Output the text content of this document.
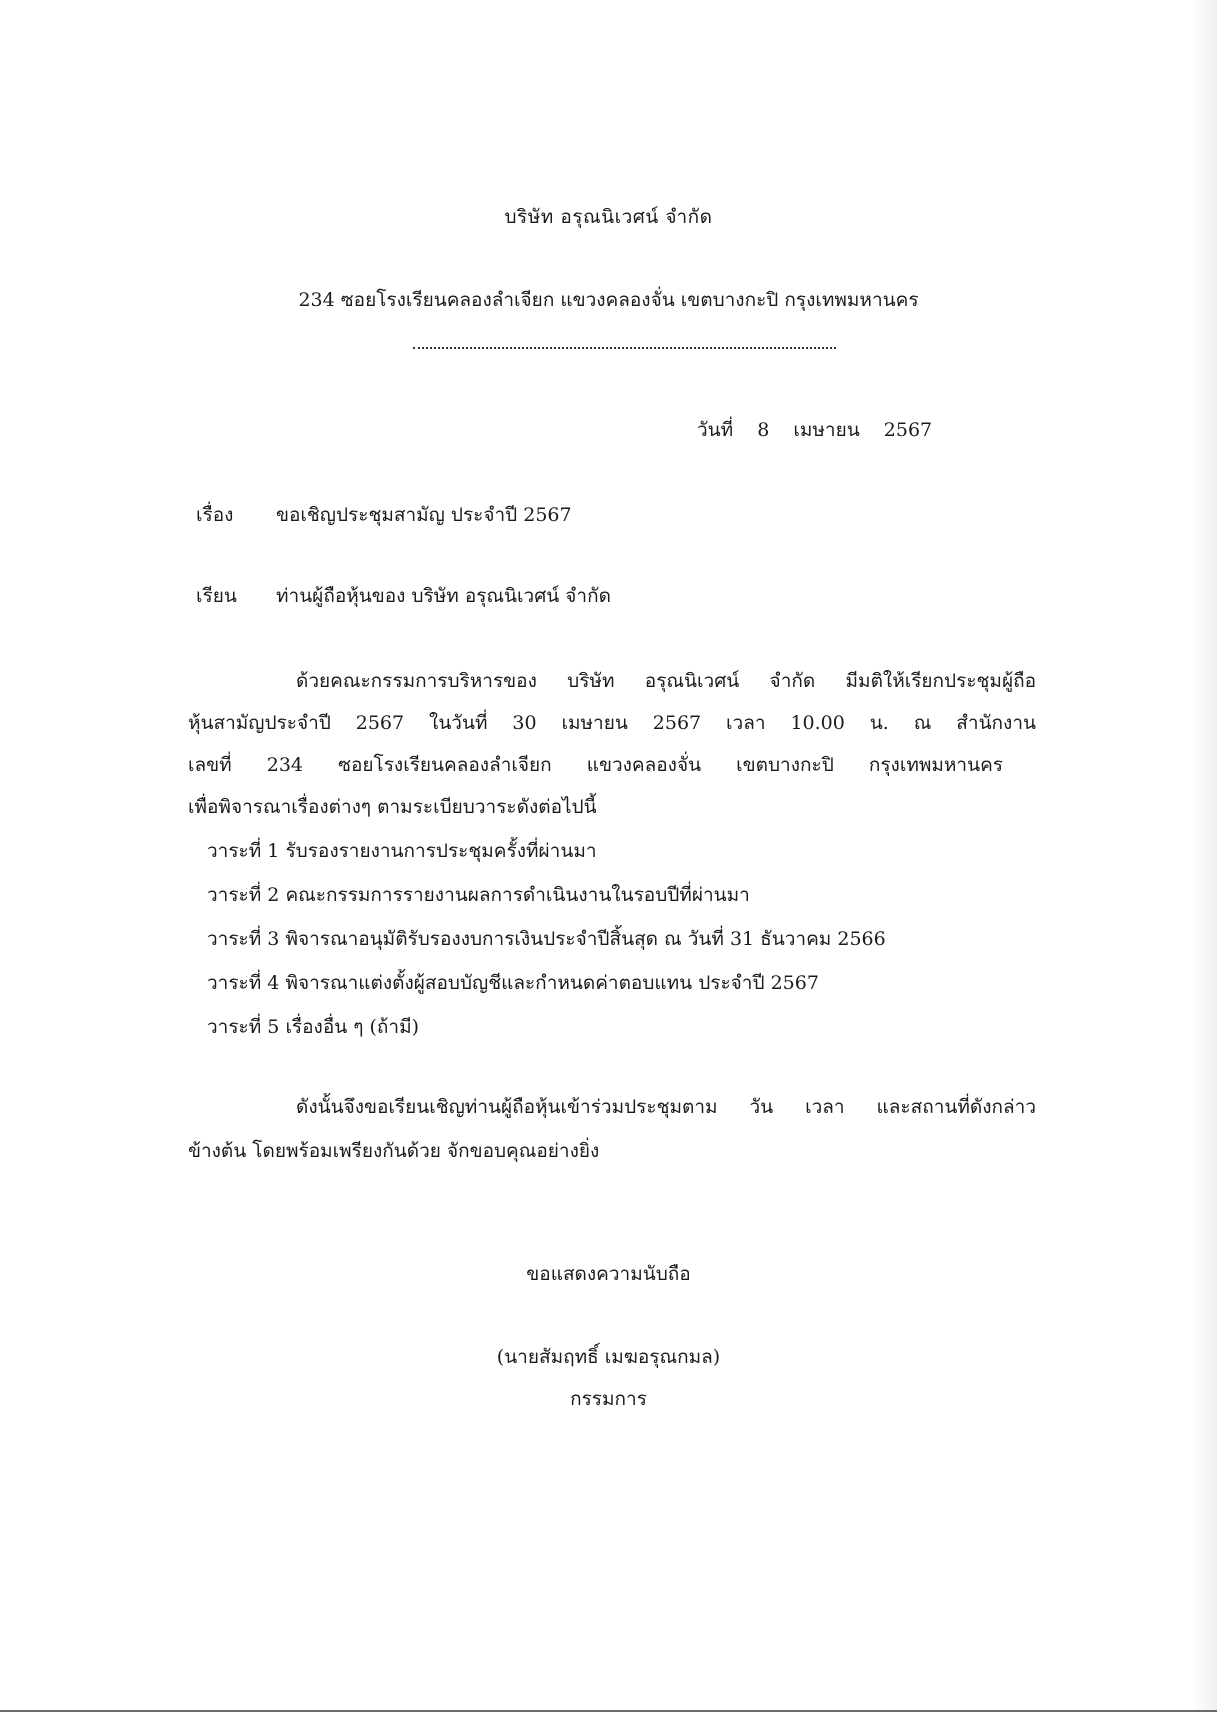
บริษัท อรุณนิเวศน์ จำกัด
234 ซอยโรงเรียนคลองลำเจียก แขวงคลองจั่น เขตบางกะปิ กรุงเทพมหานคร
วันที่ 8 เมษายน 2567
เรื่อง ขอเชิญประชุมสามัญ ประจำปี 2567
เรียน ท่านผู้ถือหุ้นของ บริษัท อรุณนิเวศน์ จำกัด
ด้วยคณะกรรมการบริหารของ บริษัท อรุณนิเวศน์ จำกัด มีมติให้เรียกประชุมผู้ถือ
หุ้นสามัญประจำปี 2567 ในวันที่ 30 เมษายน 2567 เวลา 10.00 น. ณ สำนักงาน
เลขที่ 234 ซอยโรงเรียนคลองลำเจียก แขวงคลองจั่น เขตบางกะปิ กรุงเทพมหานคร
เพื่อพิจารณาเรื่องต่างๆ ตามระเบียบวาระดังต่อไปนี้
วาระที่ 1 รับรองรายงานการประชุมครั้งที่ผ่านมา
วาระที่ 2 คณะกรรมการรายงานผลการดำเนินงานในรอบปีที่ผ่านมา
วาระที่ 3 พิจารณาอนุมัติรับรองงบการเงินประจำปีสิ้นสุด ณ วันที่ 31 ธันวาคม 2566
วาระที่ 4 พิจารณาแต่งตั้งผู้สอบบัญชีและกำหนดค่าตอบแทน ประจำปี 2567
วาระที่ 5 เรื่องอื่น ๆ (ถ้ามี)
ดังนั้นจึงขอเรียนเชิญท่านผู้ถือหุ้นเข้าร่วมประชุมตาม วัน เวลา และสถานที่ดังกล่าว
ข้างต้น โดยพร้อมเพรียงกันด้วย จักขอบคุณอย่างยิ่ง
ขอแสดงความนับถือ
(นายสัมฤทธิ์ เมฆอรุณกมล)
กรรมการ
